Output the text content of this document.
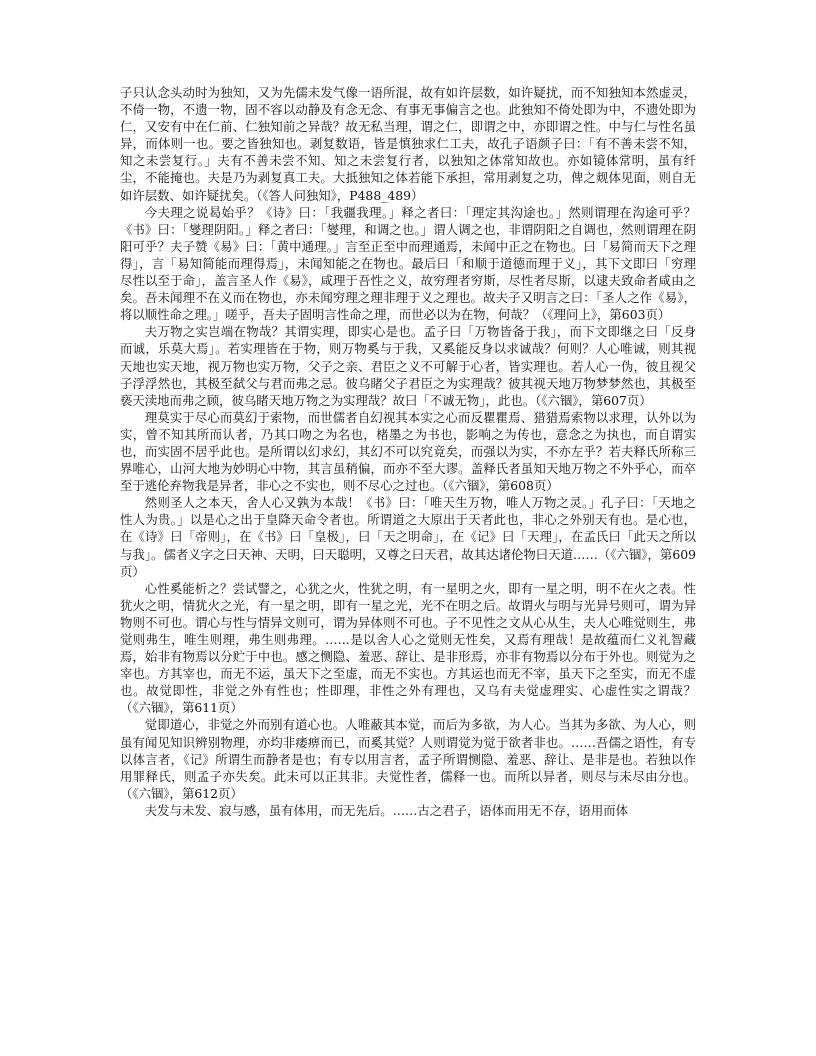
子只认念头动时为独知，又为先儒未发气像一语所混，故有如许层数，如许疑扰，而不知独知本然虚灵，不倚一物，不遗一物，固不容以动静及有念无念、有事无事偏言之也。此独知不倚处即为中，不遗处即为仁，又安有中在仁前、仁独知前之异哉？故无私当理，谓之仁，即谓之中，亦即谓之性。中与仁与性名虽异，而体则一也。要之皆独知也。剥复数语，皆是慎独求仁工夫，故孔子语颜子曰：「有不善未尝不知，知之未尝复行。」夫有不善未尝不知、知之未尝复行者，以独知之体常知故也。亦如镜体常明，虽有纤尘，不能掩也。夫是乃为剥复真工夫。大抵独知之体若能下承担，常用剥复之功，俾之觌体见面，则自无如许层数、如许疑扰矣。（《答人问独知》，P488_489）

今夫理之说曷始乎？《诗》曰：「我疆我理。」释之者曰：「理定其沟途也。」然则谓理在沟途可乎？《书》曰：「燮理阴阳。」释之者曰：「燮理，和调之也。」谓人调之也，非谓阴阳之自调也，然则谓理在阴阳可乎？夫子赞《易》曰：「黄中通理。」言至正至中而理通焉，未闻中正之在物也。曰「易简而天下之理得」，言「易知简能而理得焉」，未闻知能之在物也。最后曰「和顺于道德而理于义」，其下文即曰「穷理尽性以至于命」，盖言圣人作《易》，咸理于吾性之义，故穷理者穷斯，尽性者尽斯，以逮夫致命者咸由之矣。吾未闻理不在义而在物也，亦未闻穷理之理非理于义之理也。故夫子又明言之曰：「圣人之作《易》，将以顺性命之理。」嗟乎，吾夫子固明言性命之理，而世必以为在物，何哉？（《理问上》，第603页）

夫万物之实岂端在物哉？其谓实理，即实心是也。孟子曰「万物皆备于我」，而下文即继之曰「反身而诚，乐莫大焉」。若实理皆在于物，则万物奚与于我，又奚能反身以求诚哉？何则？人心唯诚，则其视天地也实天地，视万物也实万物，父子之亲、君臣之义不可解于心者，皆实理也。若人心一伪，彼且视父子浮浮然也，其极至弑父与君而弗之忌。彼乌睹父子君臣之为实理哉？彼其视天地万物梦梦然也，其极至亵天渎地而弗之顾，彼乌睹天地万物之为实理哉？故曰「不诚无物」，此也。（《六锢》，第607页）

理莫实于尽心而莫幻于索物，而世儒者自幻视其本实之心而反瞿瞿焉、猎猎焉索物以求理，认外以为实，曾不知其所而认者，乃其口吻之为名也，楮墨之为书也，影响之为传也，意念之为执也，而自谓实也，而实固不居乎此也。是所谓以幻求幻，其幻不可以究竟矣，而强以为实，不亦左乎？若夫释氏所称三界唯心，山河大地为妙明心中物，其言虽稍偏，而亦不至大谬。盖释氏者虽知天地万物之不外乎心，而卒至于逃伦弃物我是异者，非心之不实也，则不尽心之过也。（《六锢》，第608页）

然则圣人之本天，舍人心又孰为本哉！《书》曰：「唯天生万物，唯人万物之灵。」孔子曰：「天地之性人为贵。」以是心之出于皇降天命令者也。所谓道之大原出于天者此也，非心之外别天有也。是心也，在《诗》曰「帝则」，在《书》曰「皇极」，曰「天之明命」，在《记》曰「天理」，在孟氏曰「此天之所以与我」。儒者义字之曰天神、天明，曰天聪明，又尊之曰天君，故其达诸伦物曰天道……（《六锢》，第609页）

心性奚能析之？尝试譬之，心犹之火，性犹之明，有一星明之火，即有一星之明，明不在火之表。性犹火之明，情犹火之光，有一星之明，即有一星之光，光不在明之后。故谓火与明与光异号则可，谓为异物则不可也。谓心与性与情异文则可，谓为异体则不可也。子不见性之文从心从生，夫人心唯觉则生，弗觉则弗生，唯生则理，弗生则弗理。……是以舍人心之觉则无性矣，又焉有理哉！是故蕴而仁义礼智藏焉，始非有物焉以分贮于中也。感之恻隐、羞恶、辞让、是非形焉，亦非有物焉以分布于外也。则觉为之宰也。方其宰也，而无不运，虽天下之至虚，而无不实也。方其运也而无不宰，虽天下之至实，而无不虚也。故觉即性，非觉之外有性也；性即理，非性之外有理也，又乌有夫觉虚理实、心虚性实之谓哉？（《六锢》，第611页）

觉即道心，非觉之外而别有道心也。人唯蔽其本觉，而后为多欲，为人心。当其为多欲、为人心，则虽有闻见知识辨别物理，亦均非痿痹而已，而奚其觉？人则谓觉为觉于欲者非也。……吾儒之语性，有专以体言者，《记》所谓生而静者是也；有专以用言者，孟子所谓恻隐、羞恶、辞让、是非是也。若独以作用罪释氏，则孟子亦失矣。此未可以正其非。夫觉性者，儒释一也。而所以异者，则尽与未尽由分也。（《六锢》，第612页）

夫发与未发、寂与感，虽有体用，而无先后。……古之君子，语体而用无不存，语用而体
